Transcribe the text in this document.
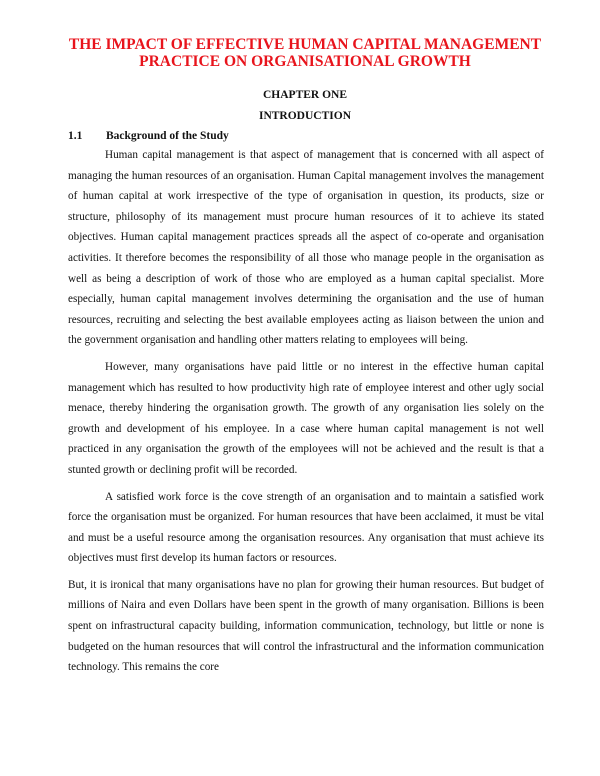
THE IMPACT OF EFFECTIVE HUMAN CAPITAL MANAGEMENT PRACTICE ON ORGANISATIONAL GROWTH
CHAPTER ONE
INTRODUCTION
1.1 Background of the Study

Human capital management is that aspect of management that is concerned with all aspect of managing the human resources of an organisation. Human Capital management involves the management of human capital at work irrespective of the type of organisation in question, its products, size or structure, philosophy of its management must procure human resources of it to achieve its stated objectives. Human capital management practices spreads all the aspect of co-operate and organisation activities. It therefore becomes the responsibility of all those who manage people in the organisation as well as being a description of work of those who are employed as a human capital specialist. More especially, human capital management involves determining the organisation and the use of human resources, recruiting and selecting the best available employees acting as liaison between the union and the government organisation and handling other matters relating to employees will being.

However, many organisations have paid little or no interest in the effective human capital management which has resulted to how productivity high rate of employee interest and other ugly social menace, thereby hindering the organisation growth. The growth of any organisation lies solely on the growth and development of his employee. In a case where human capital management is not well practiced in any organisation the growth of the employees will not be achieved and the result is that a stunted growth or declining profit will be recorded.

A satisfied work force is the cove strength of an organisation and to maintain a satisfied work force the organisation must be organized. For human resources that have been acclaimed, it must be vital and must be a useful resource among the organisation resources. Any organisation that must achieve its objectives must first develop its human factors or resources.

But, it is ironical that many organisations have no plan for growing their human resources. But budget of millions of Naira and even Dollars have been spent in the growth of many organisation. Billions is been spent on infrastructural capacity building, information communication, technology, but little or none is budgeted on the human resources that will control the infrastructural and the information communication technology. This remains the core
